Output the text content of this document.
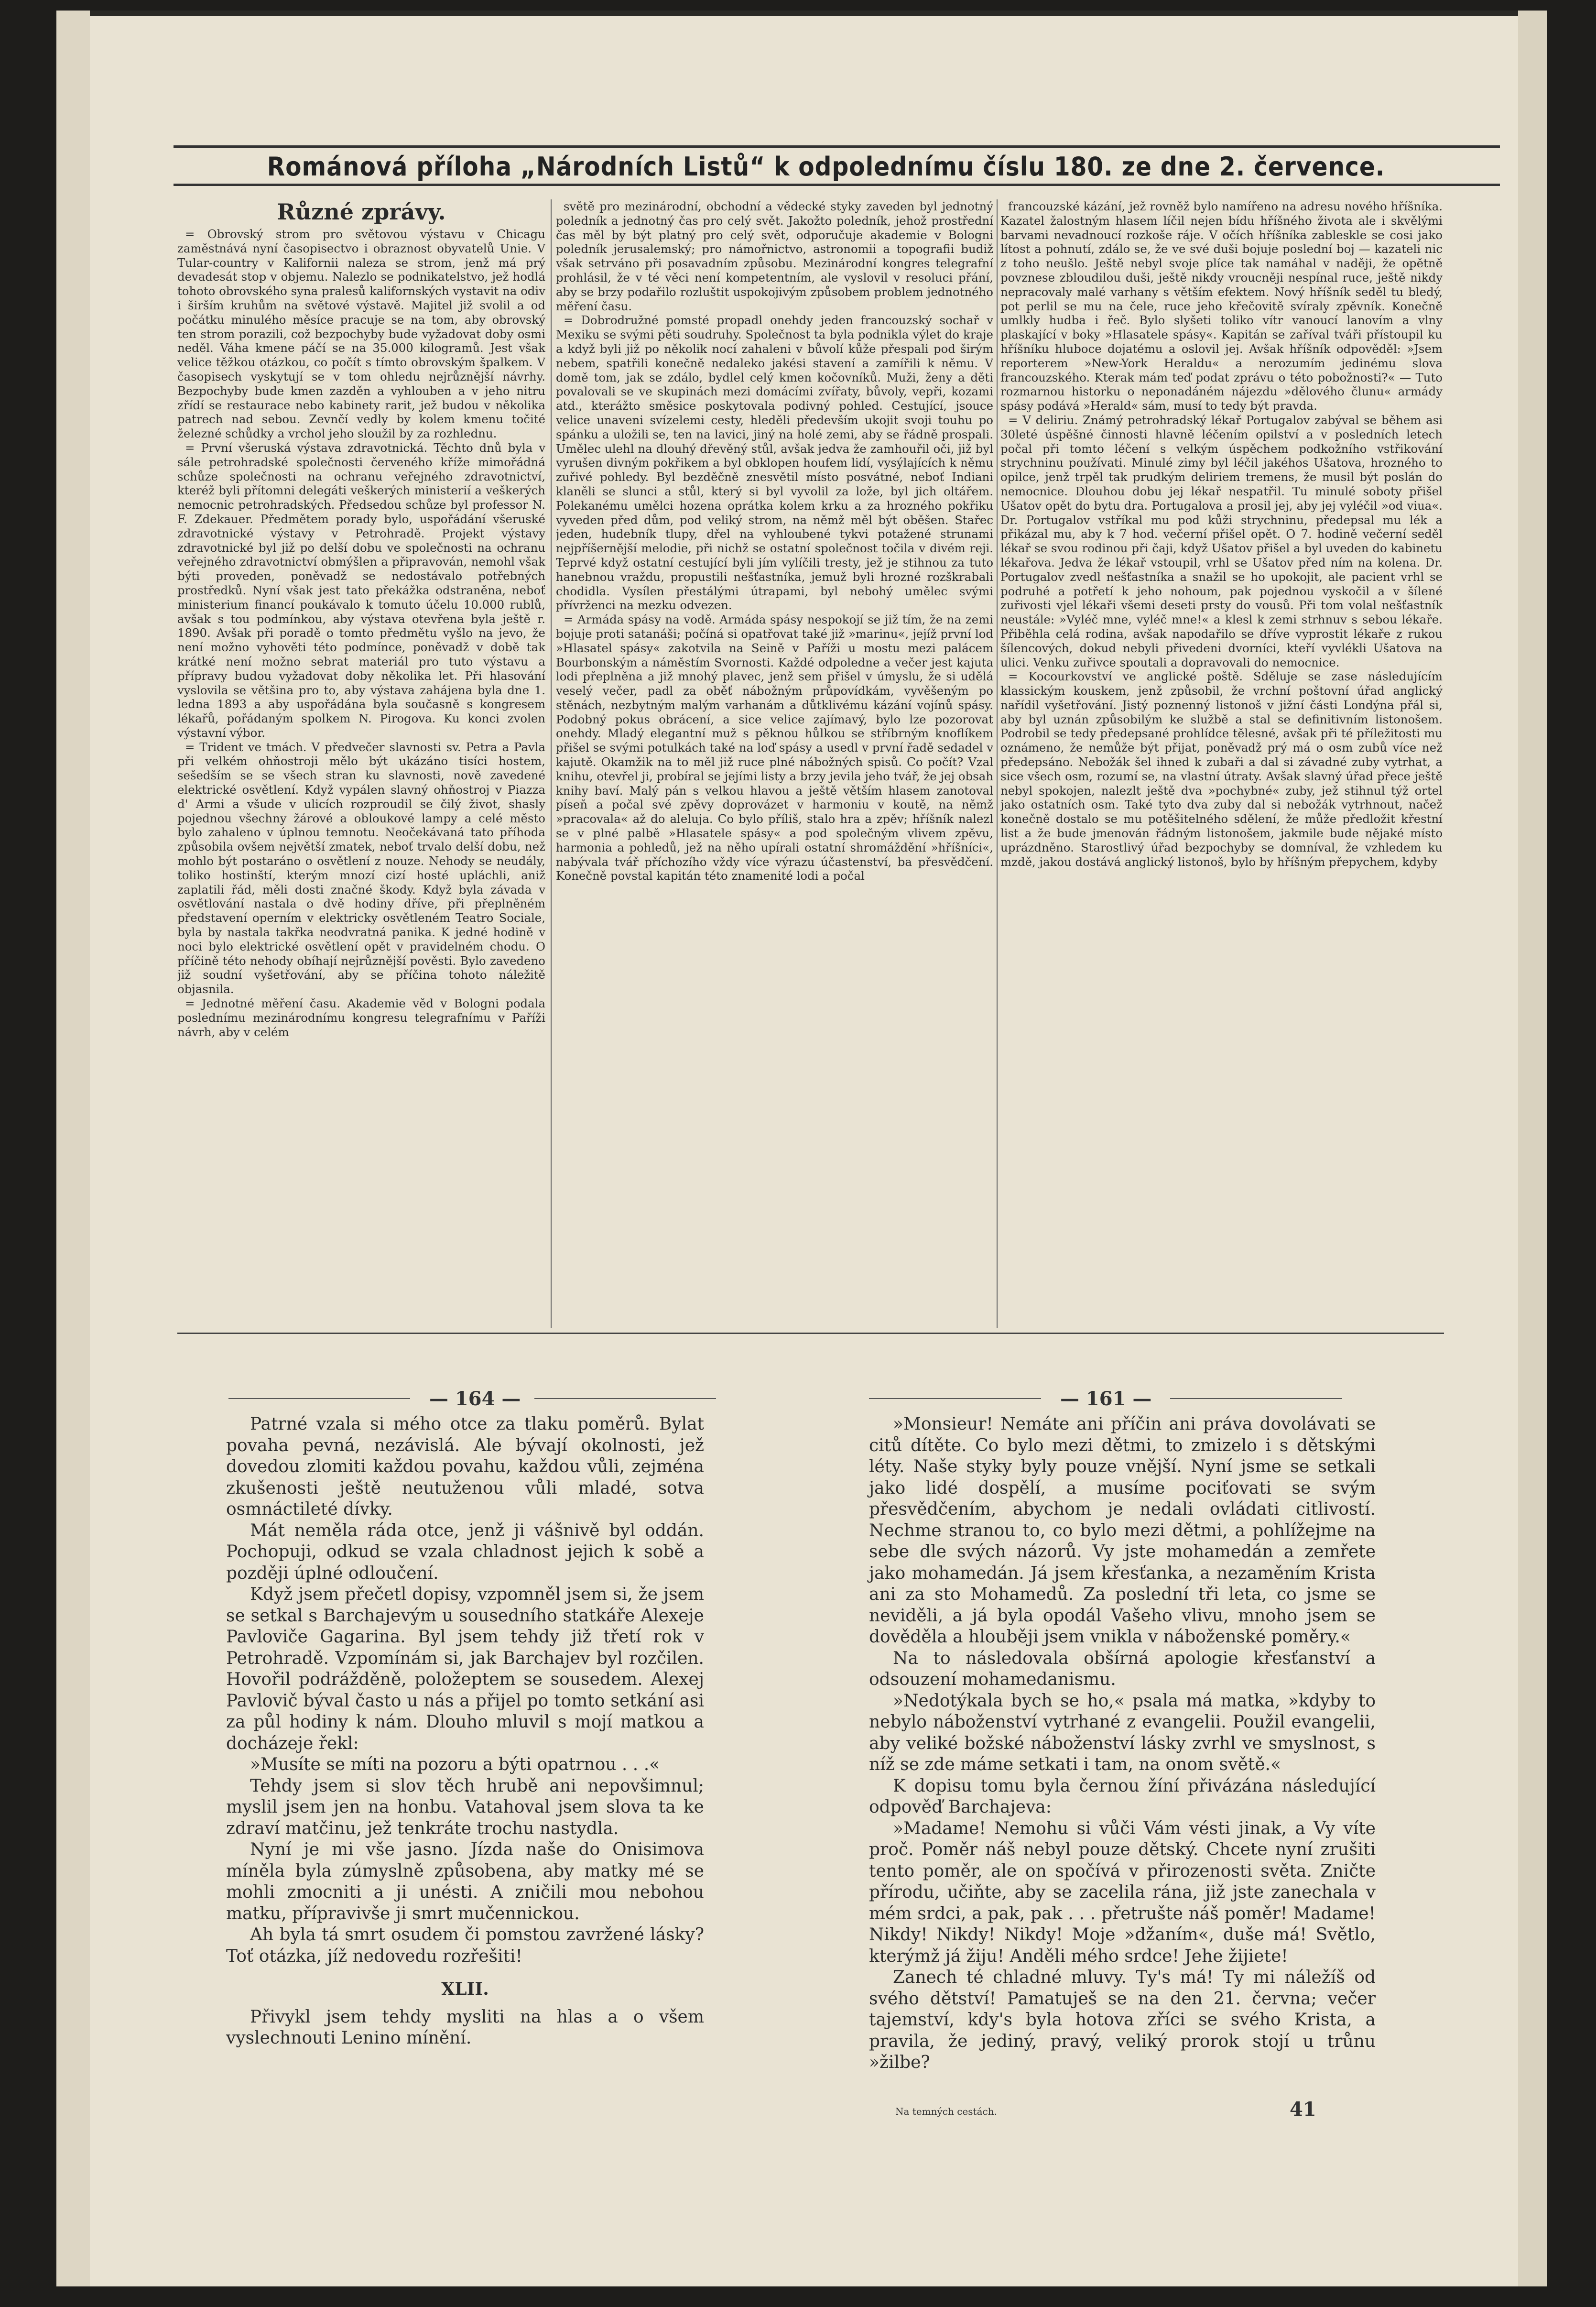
Románová příloha „Národních Listů“ k odpolednímu číslu 180. ze dne 2. července.
Různé zprávy.

= Obrovský strom pro světovou výstavu v Chicagu zaměstnává nyní časopisectvo i obraznost obyvatelů Unie. V Tular-country v Kalifornii naleza se strom, jenž má prý devadesát stop v objemu. Nalezlo se podnikatelstvo, jež hodlá tohoto obrovského syna pralesů kalifornských vystavit na odiv i širším kruhům na světové výstavě. Majitel již svolil a od počátku minulého měsíce pracuje se na tom, aby obrovský ten strom porazili, což bezpochyby bude vyžadovat doby osmi neděl. Váha kmene páčí se na 35.000 kilogramů. Jest však velice těžkou otázkou, co počít s tímto obrovským špalkem. V časopisech vyskytují se v tom ohledu nejrůznější návrhy. Bezpochyby bude kmen zazděn a vyhlouben a v jeho nitru zřídí se restaurace nebo kabinety rarit, jež budou v několika patrech nad sebou. Zevnčí vedly by kolem kmenu točité železné schůdky a vrchol jeho sloužil by za rozhlednu.

= První všeruská výstava zdravotnická. Těchto dnů byla v sále petrohradské společnosti červeného kříže mimořádná schůze společnosti na ochranu veřejného zdravotnictví, kteréž byli přítomni delegáti veškerých ministerií a veškerých nemocnic petrohradských. Předsedou schůze byl professor N. F. Zdekauer. Předmětem porady bylo, uspořádání všeruské zdravotnické výstavy v Petrohradě. Projekt výstavy zdravotnické byl již po delší dobu ve společnosti na ochranu veřejného zdravotnictví obmýšlen a připravován, nemohl však býti proveden, poněvadž se nedostávalo potřebných prostředků. Nyní však jest tato překážka odstraněna, neboť ministerium financí poukávalo k tomuto účelu 10.000 rublů, avšak s tou podmínkou, aby výstava otevřena byla ještě r. 1890. Avšak při poradě o tomto předmětu vyšlo na jevo, že není možno vyhověti této podmínce, poněvadž v době tak krátké není možno sebrat materiál pro tuto výstavu a přípravy budou vyžadovat doby několika let. Při hlasování vyslovila se většina pro to, aby výstava zahájena byla dne 1. ledna 1893 a aby uspořádána byla současně s kongresem lékařů, pořádaným spolkem N. Pirogova. Ku konci zvolen výstavní výbor.

= Trident ve tmách. V předvečer slavnosti sv. Petra a Pavla při velkém ohňostroji mělo být ukázáno tisíci hostem, sešedším se se všech stran ku slavnosti, nově zavedené elektrické osvětlení. Když vypálen slavný ohňostroj v Piazza d' Armi a všude v ulicích rozproudil se čilý život, shasly pojednou všechny žárové a obloukové lampy a celé město bylo zahaleno v úplnou temnotu. Neočekávaná tato příhoda způsobila ovšem největší zmatek, neboť trvalo delší dobu, než mohlo být postaráno o osvětlení z nouze. Nehody se neudály, toliko hostinští, kterým mnozí cizí hosté upláchli, aniž zaplatili řád, měli dosti značné škody. Když byla závada v osvětlování nastala o dvě hodiny dříve, při přeplněném představení operním v elektricky osvětleném Teatro Sociale, byla by nastala takřka neodvratná panika. K jedné hodině v noci bylo elektrické osvětlení opět v pravidelném chodu. O příčině této nehody obíhají nejrůznější pověsti. Bylo zavedeno již soudní vyšetřování, aby se příčina tohoto náležitě objasnila.

= Jednotné měření času. Akademie věd v Bologni podala poslednímu mezinárodnímu kongresu telegrafnímu v Paříži návrh, aby v celém

světě pro mezinárodní, obchodní a vědecké styky zaveden byl jednotný poledník a jednotný čas pro celý svět. Jakožto poledník, jehož prostřední čas měl by být platný pro celý svět, odporučuje akademie v Bologni poledník jerusalemský; pro námořnictvo, astronomii a topografii budiž však setrváno při posavadním způsobu. Mezinárodní kongres telegrafní prohlásil, že v té věci není kompetentním, ale vyslovil v resoluci přání, aby se brzy podařilo rozluštit uspokojivým způsobem problem jednotného měření času.

= Dobrodružné pomsté propadl onehdy jeden francouzský sochař v Mexiku se svými pěti soudruhy. Společnost ta byla podnikla výlet do kraje a když byli již po několik nocí zahaleni v bůvolí kůže přespali pod širým nebem, spatřili konečně nedaleko jakési stavení a zamířili k němu. V domě tom, jak se zdálo, bydlel celý kmen kočovníků. Muži, ženy a děti povalovali se ve skupinách mezi domácími zvířaty, bůvoly, vepři, kozami atd., kterážto směsice poskytovala podivný pohled. Cestující, jsouce velice unaveni svízelemi cesty, hleděli především ukojit svoji touhu po spánku a uložili se, ten na lavici, jiný na holé zemi, aby se řádně prospali. Umělec ulehl na dlouhý dřevěný stůl, avšak jedva že zamhouřil oči, již byl vyrušen divným pokřikem a byl obklopen houfem lidí, vysýlajících k němu zuřivé pohledy. Byl bezděčně znesvětil místo posvátné, neboť Indiani klaněli se slunci a stůl, který si byl vyvolil za lože, byl jich oltářem. Polekanému umělci hozena oprátka kolem krku a za hrozného pokřiku vyveden před dům, pod veliký strom, na němž měl být oběšen. Stařec jeden, hudebník tlupy, dřel na vyhloubené tykvi potažené strunami nejpříšernější melodie, při nichž se ostatní společnost točila v divém reji. Teprvé když ostatní cestující byli jím vylíčili tresty, jež je stihnou za tuto hanebnou vraždu, propustili nešťastníka, jemuž byli hrozné rozškrabali chodidla. Vysílen přestálými útrapami, byl nebohý umělec svými přívrženci na mezku odvezen.

= Armáda spásy na vodě. Armáda spásy nespokojí se již tím, že na zemi bojuje proti satanáši; počíná si opatřovat také již »marinu«, jejíž první loď »Hlasatel spásy« zakotvila na Seině v Paříži u mostu mezi palácem Bourbonským a náměstím Svornosti. Každé odpoledne a večer jest kajuta lodi přeplněna a již mnohý plavec, jenž sem přišel v úmyslu, že si udělá veselý večer, padl za oběť nábožným průpovídkám, vyvěšeným po stěnách, nezbytným malým varhanám a důtklivému kázání vojínů spásy. Podobný pokus obrácení, a sice velice zajímavý, bylo lze pozorovat onehdy. Mladý elegantní muž s pěknou hůlkou se stříbrným knoflíkem přišel se svými potulkách také na loď spásy a usedl v první řadě sedadel v kajutě. Okamžik na to měl již ruce plné nábožných spisů. Co počít? Vzal knihu, otevřel ji, probíral se jejími listy a brzy jevila jeho tvář, že jej obsah knihy baví. Malý pán s velkou hlavou a ještě větším hlasem zanotoval píseň a počal své zpěvy doprovázet v harmoniu v koutě, na němž »pracovala« až do aleluja. Co bylo příliš, stalo hra a zpěv; hříšník nalezl se v plné palbě »Hlasatele spásy« a pod společným vlivem zpěvu, harmonia a pohledů, jež na něho upírali ostatní shromáždění »hříšníci«, nabývala tvář příchozího vždy více výrazu účastenství, ba přesvědčení. Konečně povstal kapitán této znamenité lodi a počal

francouzské kázání, jež rovněž bylo namířeno na adresu nového hříšníka. Kazatel žalostným hlasem líčil nejen bídu hříšného života ale i skvělými barvami nevadnoucí rozkoše ráje. V očích hříšníka zableskle se cosi jako lítost a pohnutí, zdálo se, že ve své duši bojuje poslední boj — kazateli nic z toho neušlo. Ještě nebyl svoje plíce tak namáhal v naději, že opětně povznese zbloudilou duši, ještě nikdy vroucněji nespínal ruce, ještě nikdy nepracovaly malé varhany s větším efektem. Nový hříšník seděl tu bledý, pot perlil se mu na čele, ruce jeho křečovitě svíraly zpěvník. Konečně umlkly hudba i řeč. Bylo slyšeti toliko vítr vanoucí lanovím a vlny plaskající v boky »Hlasatele spásy«. Kapitán se zaříval tváři přístoupil ku hříšníku hluboce dojatému a oslovil jej. Avšak hříšník odpověděl: »Jsem reporterem »New-York Heraldu« a nerozumím jedinému slova francouzského. Kterak mám teď podat zprávu o této pobožnosti?« — Tuto rozmarnou historku o neponadáném nájezdu »dělového člunu« armády spásy podává »Herald« sám, musí to tedy být pravda.

= V deliriu. Známý petrohradský lékař Portugalov zabýval se během asi 30leté úspěšné činnosti hlavně léčením opilství a v posledních letech počal při tomto léčení s velkým úspěchem podkožního vstřikování strychninu používati. Minulé zimy byl léčil jakéhos Ušatova, hrozného to opilce, jenž trpěl tak prudkým deliriem tremens, že musil být poslán do nemocnice. Dlouhou dobu jej lékař nespatřil. Tu minulé soboty přišel Ušatov opět do bytu dra. Portugalova a prosil jej, aby jej vyléčil »od viua«. Dr. Portugalov vstříkal mu pod kůži strychninu, předepsal mu lék a přikázal mu, aby k 7 hod. večerní přišel opět. O 7. hodině večerní seděl lékař se svou rodinou při čaji, když Ušatov přišel a byl uveden do kabinetu lékařova. Jedva že lékař vstoupil, vrhl se Ušatov před ním na kolena. Dr. Portugalov zvedl nešťastníka a snažil se ho upokojit, ale pacient vrhl se podruhé a potřetí k jeho nohoum, pak pojednou vyskočil a v šílené zuřivosti vjel lékaři všemi deseti prsty do vousů. Při tom volal nešťastník neustále: »Vyléč mne, vyléč mne!« a klesl k zemi strhnuv s sebou lékaře. Přiběhla celá rodina, avšak napodařilo se dříve vyprostit lékaře z rukou šílencových, dokud nebyli přivedeni dvorníci, kteří vyvlékli Ušatova na ulici. Venku zuřivce spoutali a dopravovali do nemocnice.

= Kocourkovství ve anglické poště. Sděluje se zase následujícím klassickým kouskem, jenž způsobil, že vrchní poštovní úřad anglický nařídil vyšetřování. Jistý poznenný listonoš v jižní části Londýna přál si, aby byl uznán způsobilým ke službě a stal se definitivním listonošem. Podrobil se tedy předepsané prohlídce tělesné, avšak při té příležitosti mu oznámeno, že nemůže být přijat, poněvadž prý má o osm zubů více než předepsáno. Nebožák šel ihned k zubaři a dal si závadné zuby vytrhat, a sice všech osm, rozumí se, na vlastní útraty. Avšak slavný úřad přece ještě nebyl spokojen, nalezlt ještě dva »pochybné« zuby, jež stihnul týž ortel jako ostatních osm. Také tyto dva zuby dal si nebožák vytrhnout, načež konečně dostalo se mu potěšitelného sdělení, že může předložit křestní list a že bude jmenován řádným listonošem, jakmile bude nějaké místo uprázdněno. Starostlivý úřad bezpochyby se domníval, že vzhledem ku mzdě, jakou dostává anglický listonoš, bylo by hříšným přepychem, kdyby

— 164 —	— 161 —

Patrné vzala si mého otce za tlaku poměrů. Bylat povaha pevná, nezávislá. Ale bývají okolnosti, jež dovedou zlomiti každou povahu, každou vůli, zejména zkušenosti ještě neutuženou vůli mladé, sotva osmnáctileté dívky.

Mát neměla ráda otce, jenž ji vášnivě byl oddán. Pochopuji, odkud se vzala chladnost jejich k sobě a později úplné odloučení.

Když jsem přečetl dopisy, vzpomněl jsem si, že jsem se setkal s Barchajevým u sousedního statkáře Alexeje Pavloviče Gagarina. Byl jsem tehdy již třetí rok v Petrohradě. Vzpomínám si, jak Barchajev byl rozčilen. Hovořil podrážděně, položeptem se sousedem. Alexej Pavlovič býval často u nás a přijel po tomto setkání asi za půl hodiny k nám. Dlouho mluvil s mojí matkou a docházeje řekl:

»Musíte se míti na pozoru a býti opatrnou . . .«

Tehdy jsem si slov těch hrubě ani nepovšimnul; myslil jsem jen na honbu. Vatahoval jsem slova ta ke zdraví matčinu, jež tenkráte trochu nastydla.

Nyní je mi vše jasno. Jízda naše do Onisimova míněla byla zúmyslně způsobena, aby matky mé se mohli zmocniti a ji unésti. A zničili mou nebohou matku, přípravivše ji smrt mučennickou.

Ah byla tá smrt osudem či pomstou zavržené lásky? Toť otázka, jíž nedovedu rozřešiti!

XLII.

Přivykl jsem tehdy mysliti na hlas a o všem vyslechnouti Lenino mínění.

»Monsieur! Nemáte ani příčin ani práva dovolávati se citů dítěte. Co bylo mezi dětmi, to zmizelo i s dětskými léty. Naše styky byly pouze vnější. Nyní jsme se setkali jako lidé dospělí, a musíme pociťovati se svým přesvědčením, abychom je nedali ovládati citlivostí. Nechme stranou to, co bylo mezi dětmi, a pohlížejme na sebe dle svých názorů. Vy jste mohamedán a zemřete jako mohamedán. Já jsem křesťanka, a nezaměním Krista ani za sto Mohamedů. Za poslední tři leta, co jsme se neviděli, a já byla opodál Vašeho vlivu, mnoho jsem se dověděla a hlouběji jsem vnikla v náboženské poměry.«

Na to následovala obšírná apologie křesťanství a odsouzení mohamedanismu.

»Nedotýkala bych se ho,« psala má matka, »kdyby to nebylo náboženství vytrhané z evangelii. Použil evangelii, aby veliké božské náboženství lásky zvrhl ve smyslnost, s níž se zde máme setkati i tam, na onom světě.«

K dopisu tomu byla černou žíní přivázána následující odpověď Barchajeva:

»Madame! Nemohu si vůči Vám vésti jinak, a Vy víte proč. Poměr náš nebyl pouze dětský. Chcete nyní zrušiti tento poměr, ale on spočívá v přirozenosti světa. Zničte přírodu, učiňte, aby se zacelila rána, již jste zanechala v mém srdci, a pak, pak . . . přetrušte náš poměr! Madame! Nikdy! Nikdy! Nikdy! Moje »džaním«, duše má! Světlo, kterýmž já žiju! Anděli mého srdce! Jehe žijiete!

Zanech té chladné mluvy. Ty's má! Ty mi náležíš od svého dětství! Pamatuješ se na den 21. června; večer tajemství, kdy's byla hotova zříci se svého Krista, a pravila, že jediný, pravý, veliký prorok stojí u trůnu »žilbe?

Na temných cestách.	41
